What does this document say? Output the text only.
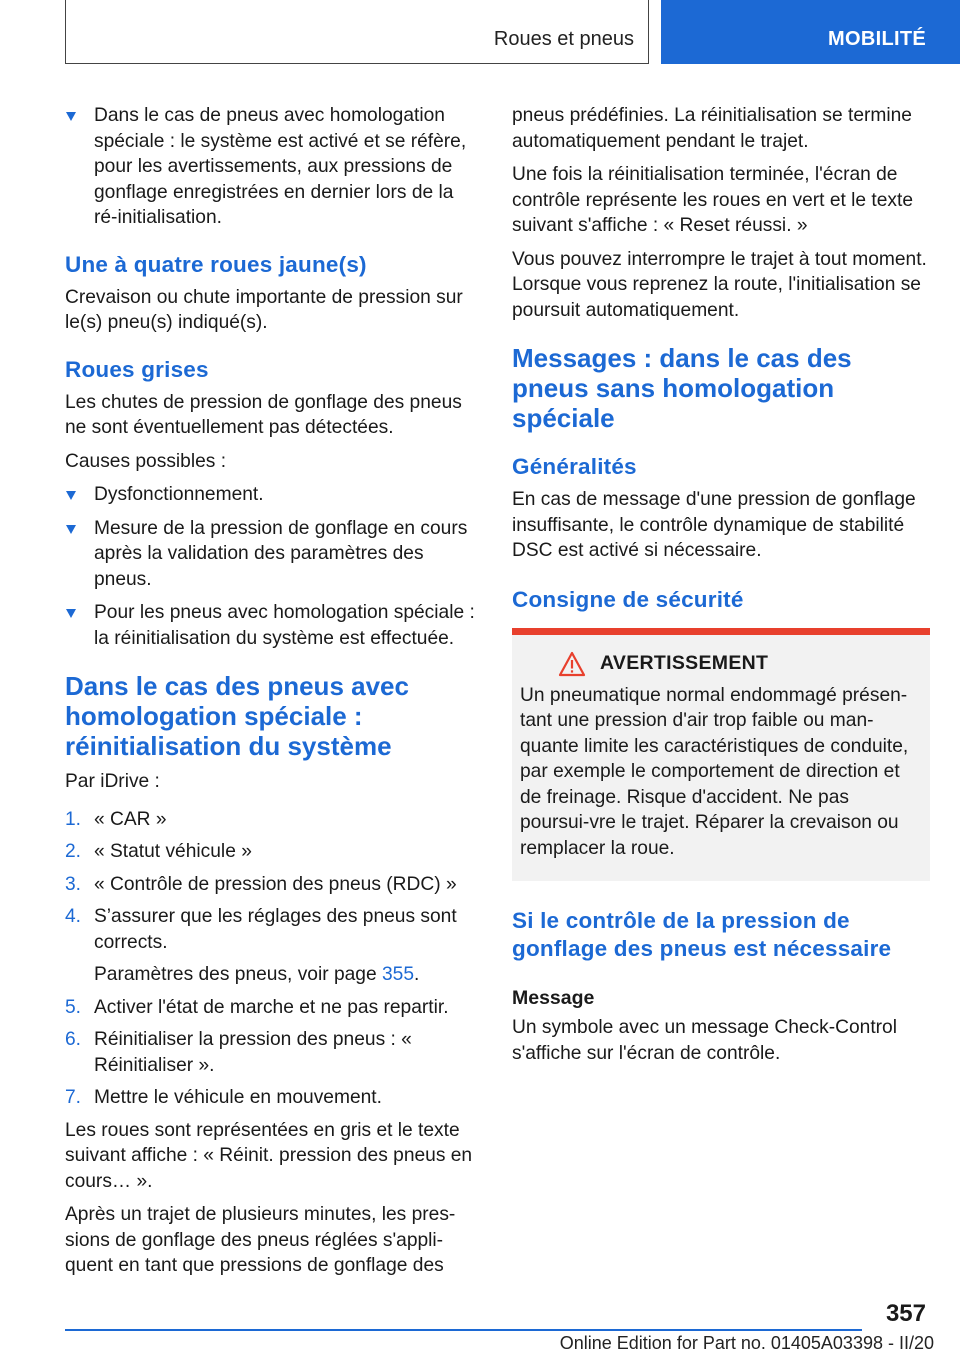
Roues et pneus	MOBILITÉ
Dans le cas de pneus avec homologation spéciale : le système est activé et se réfère, pour les avertissements, aux pressions de gonflage enregistrées en dernier lors de la ré-initialisation.
Une à quatre roues jaune(s)

Crevaison ou chute importante de pression sur le(s) pneu(s) indiqué(s).

Roues grises

Les chutes de pression de gonflage des pneus ne sont éventuellement pas détectées.

Causes possibles :

Dysfonctionnement.
Mesure de la pression de gonflage en cours après la validation des paramètres des pneus.
Pour les pneus avec homologation spéciale : la réinitialisation du système est effectuée.
Dans le cas des pneus avec homologation spéciale : réinitialisation du système

Par iDrive :

1. « CAR »
2. « Statut véhicule »
3. « Contrôle de pression des pneus (RDC) »
4. S’assurer que les réglages des pneus sont corrects.
Paramètres des pneus, voir page 355.
5. Activer l'état de marche et ne pas repartir.
6. Réinitialiser la pression des pneus : « Réinitialiser ».
7. Mettre le véhicule en mouvement.

Les roues sont représentées en gris et le texte suivant affiche : « Réinit. pression des pneus en cours… ».

Après un trajet de plusieurs minutes, les pres-sions de gonflage des pneus réglées s'appli-quent en tant que pressions de gonflage des

pneus prédéfinies. La réinitialisation se termine automatiquement pendant le trajet.

Une fois la réinitialisation terminée, l'écran de contrôle représente les roues en vert et le texte suivant s'affiche : « Reset réussi. »

Vous pouvez interrompre le trajet à tout moment. Lorsque vous reprenez la route, l'initialisation se poursuit automatiquement.

Messages : dans le cas des pneus sans homologation spéciale
Généralités

En cas de message d'une pression de gonflage insuffisante, le contrôle dynamique de stabilité DSC est activé si nécessaire.

Consigne de sécurité
AVERTISSEMENT

Un pneumatique normal endommagé présen-tant une pression d'air trop faible ou man-quante limite les caractéristiques de conduite, par exemple le comportement de direction et de freinage. Risque d'accident. Ne pas poursui-vre le trajet. Réparer la crevaison ou remplacer la roue.

Si le contrôle de la pression de gonflage des pneus est nécessaire
Message

Un symbole avec un message Check-Control s'affiche sur l'écran de contrôle.

357
Online Edition for Part no. 01405A03398 - II/20
